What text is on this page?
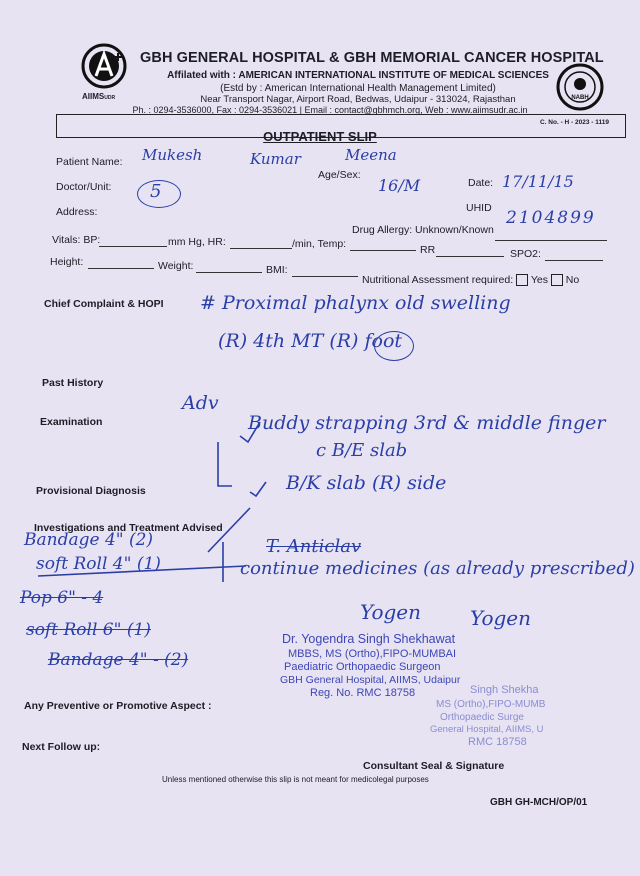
AIIMSUDR
GBH GENERAL HOSPITAL & GBH MEMORIAL CANCER HOSPITAL
Affilated with : AMERICAN INTERNATIONAL INSTITUTE OF MEDICAL SCIENCES
(Estd by : American International Health Management Limited)
Near Transport Nagar, Airport Road, Bedwas, Udaipur - 313024, Rajasthan
Ph. : 0294-3536000, Fax : 0294-3536021 | Email : contact@gbhmch.org, Web : www.aiimsudr.ac.in
NABH
C. No. - H - 2023 - 1119
OUTPATIENT SLIP
Patient Name: Mukesh	Kumar	Meena
Age/Sex:
16/M	Date: 17/11/15
Doctor/Unit: 5
Address:	UHID 2104899
Drug Allergy: Unknown/Known
Vitals: BP:	mm Hg, HR:	/min, Temp:	RR	SPO2:
Height:	Weight:	BMI:
Nutritional Assessment required: Yes No
Chief Complaint & HOPI # Proximal phalynx old swelling
(R) 4th MT (R) foot
Past History
Examination
Adv
Buddy strapping 3rd & middle finger
c B/E slab
Provisional Diagnosis	B/K slab (R) side
Investigations and Treatment Advised
Bandage 4" (2)
soft Roll 4" (1)
Pop 6" - 4
soft Roll 6" (1)
Bandage 4" - (2)
T. Anticlav
continue medicines (as already prescribed)
Yogen Yogen
Dr. Yogendra Singh Shekhawat
MBBS, MS (Ortho),FIPO-MUMBAI
Paediatric Orthopaedic Surgeon
GBH General Hospital, AIIMS, Udaipur
Reg. No. RMC 18758	Singh Shekha
MS (Ortho),FIPO-MUMB
Orthopaedic Surge
General Hospital, AIIMS, U
RMC 18758
Any Preventive or Promotive Aspect :
Next Follow up:
Consultant Seal & Signature
Unless mentioned otherwise this slip is not meant for medicolegal purposes
GBH GH-MCH/OP/01
